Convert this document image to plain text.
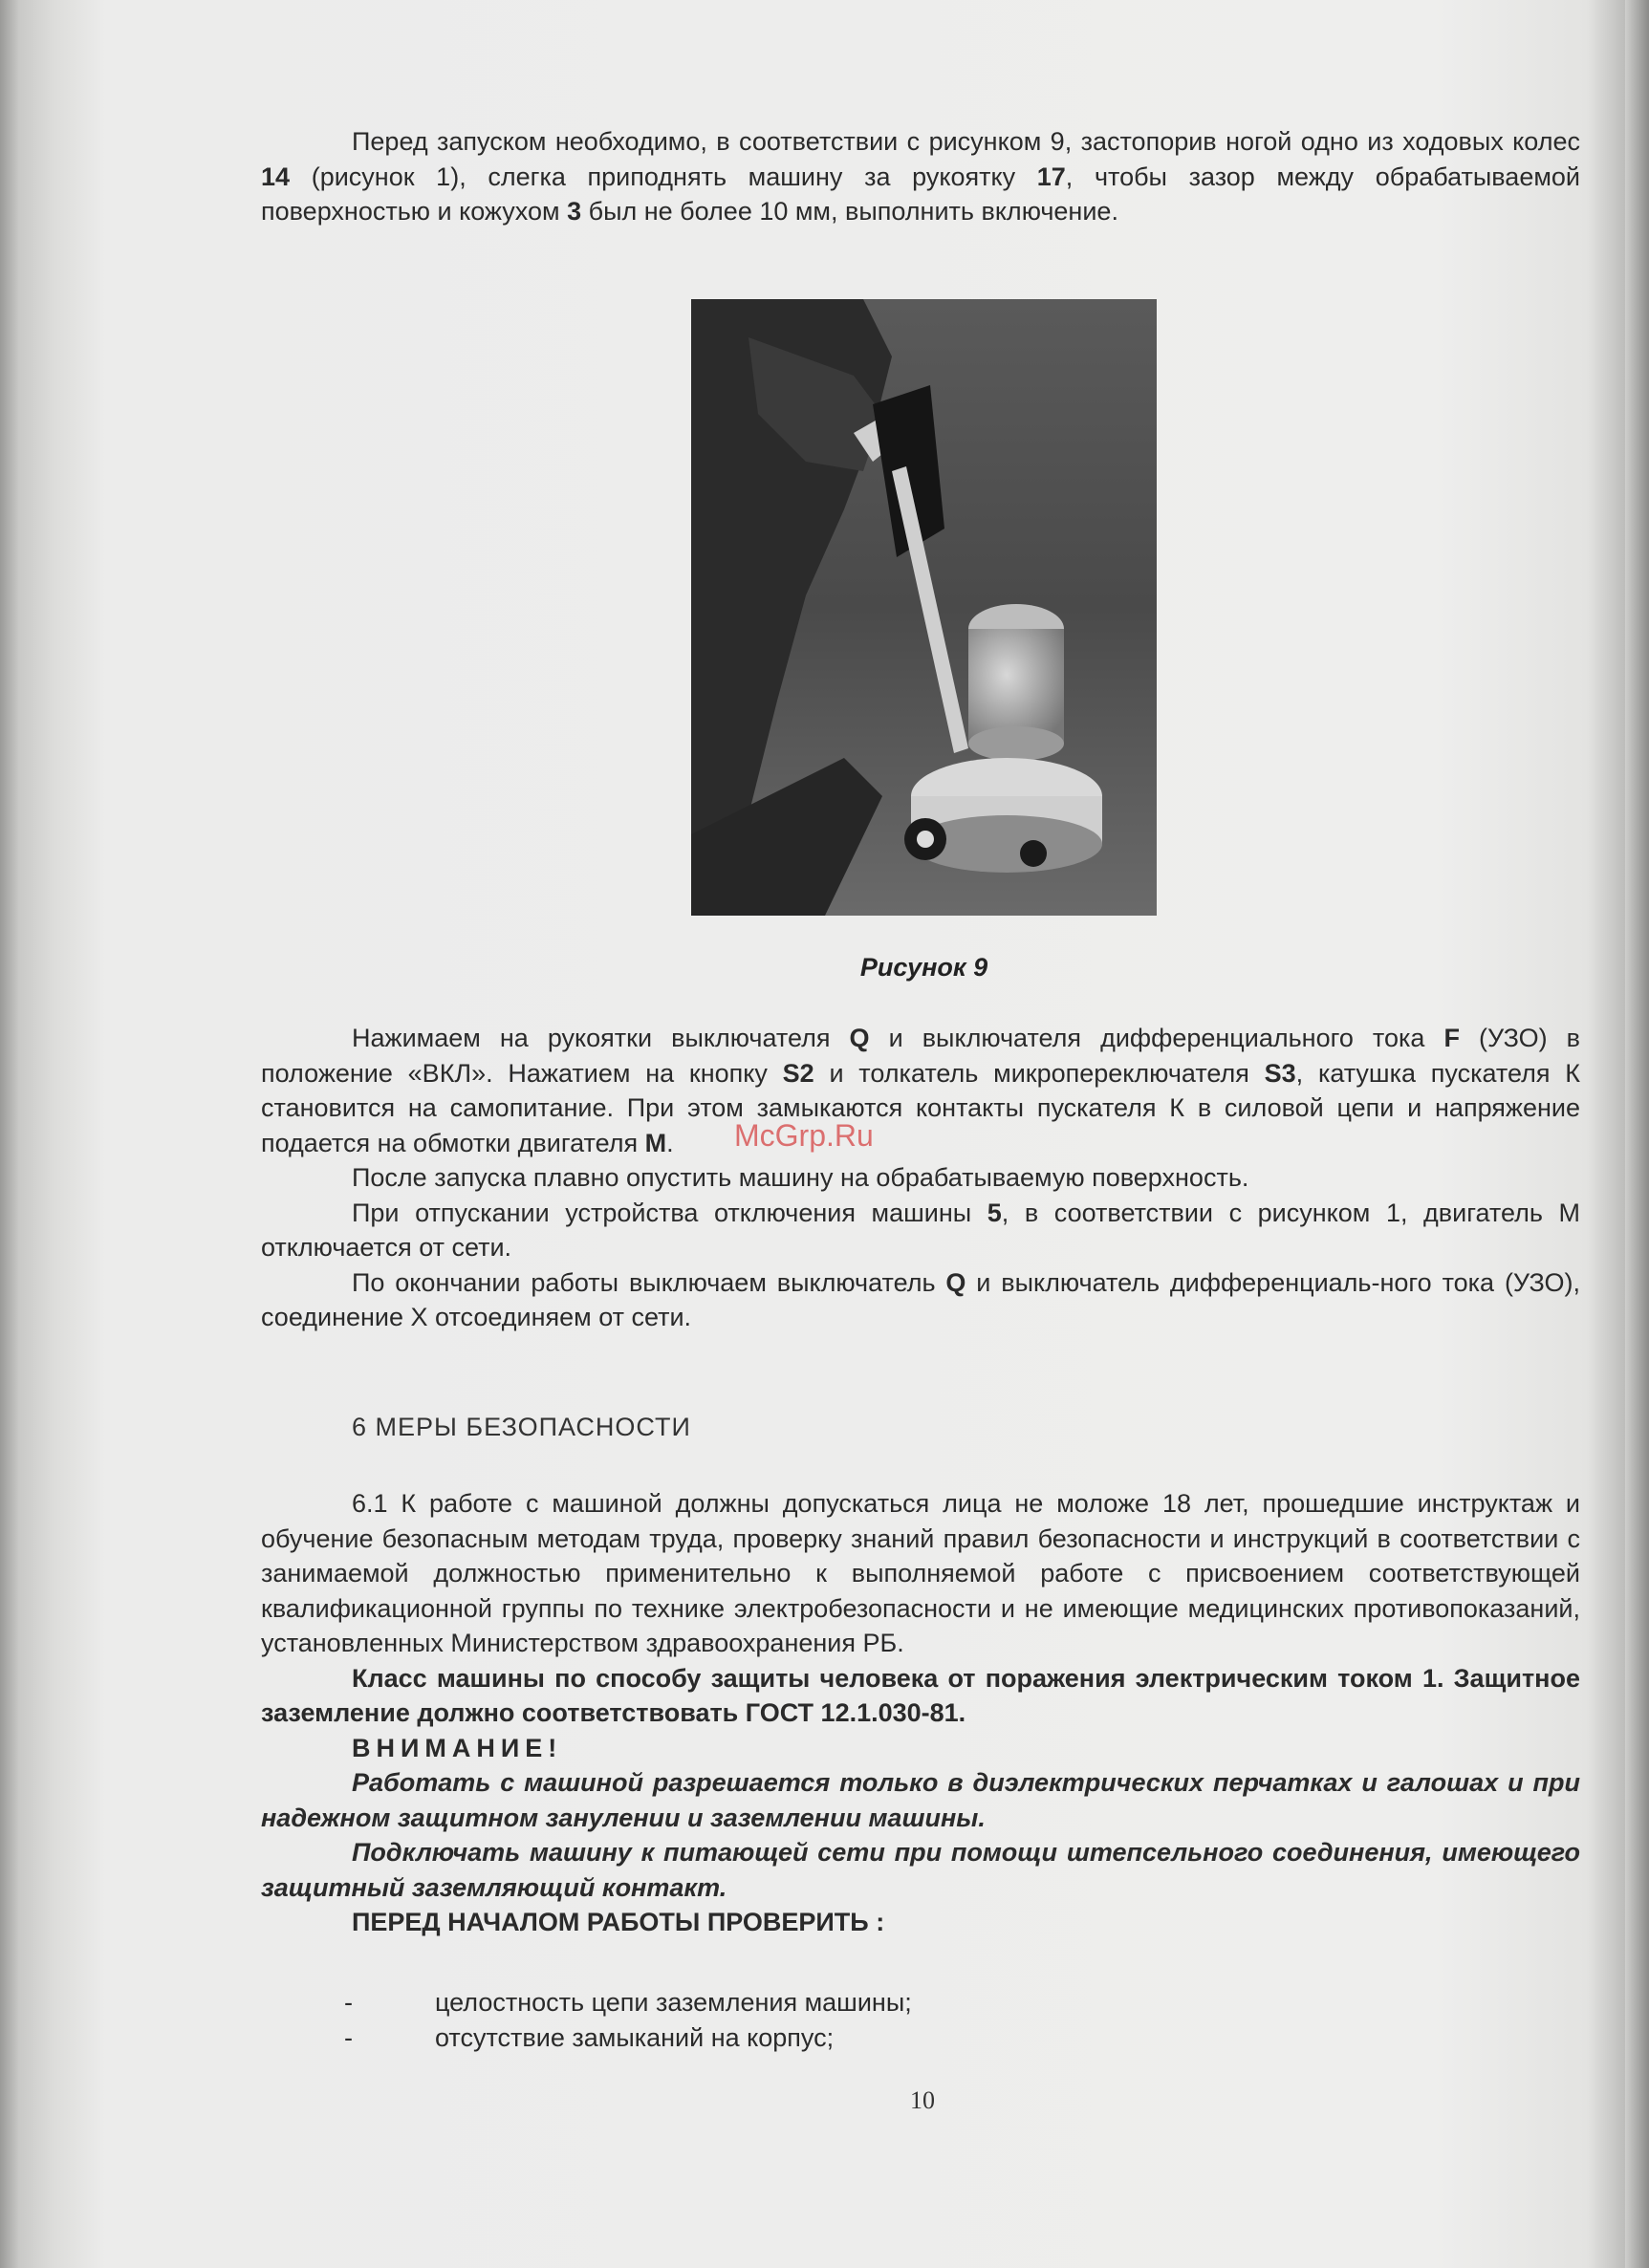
Перед запуском необходимо, в соответствии с рисунком 9, застопорив ногой одно из ходовых колес 14 (рисунок 1), слегка приподнять машину за рукоятку 17, чтобы зазор между обрабатываемой поверхностью и кожухом 3 был не более 10 мм, выполнить включение.

Рисунок 9
McGrp.Ru

Нажимаем на рукоятки выключателя Q и выключателя дифференциального тока F (УЗО) в положение «ВКЛ». Нажатием на кнопку S2 и толкатель микропереключателя S3, катушка пускателя К становится на самопитание. При этом замыкаются контакты пускателя К в силовой цепи и напряжение подается на обмотки двигателя М.

После запуска плавно опустить машину на обрабатываемую поверхность.

При отпускании устройства отключения машины 5, в соответствии с рисунком 1, двигатель М отключается от сети.

По окончании работы выключаем выключатель Q и выключатель дифференциаль-ного тока (УЗО), соединение X отсоединяем от сети.

6 МЕРЫ БЕЗОПАСНОСТИ

6.1 К работе с машиной должны допускаться лица не моложе 18 лет, прошедшие инструктаж и обучение безопасным методам труда, проверку знаний правил безопасности и инструкций в соответствии с занимаемой должностью применительно к выполняемой работе с присвоением соответствующей квалификационной группы по технике электробезопасности и не имеющие медицинских противопоказаний, установленных Министерством здравоохранения РБ.

Класс машины по способу защиты человека от поражения электрическим током 1. Защитное заземление должно соответствовать ГОСТ 12.1.030-81.

ВНИМАНИЕ!

Работать с машиной разрешается только в диэлектрических перчатках и галошах и при надежном защитном занулении и заземлении машины.

Подключать машину к питающей сети при помощи штепсельного соединения, имеющего защитный заземляющий контакт.

ПЕРЕД НАЧАЛОМ РАБОТЫ ПРОВЕРИТЬ :

-	целостность цепи заземления машины;
-	отсутствие замыканий на корпус;
10
